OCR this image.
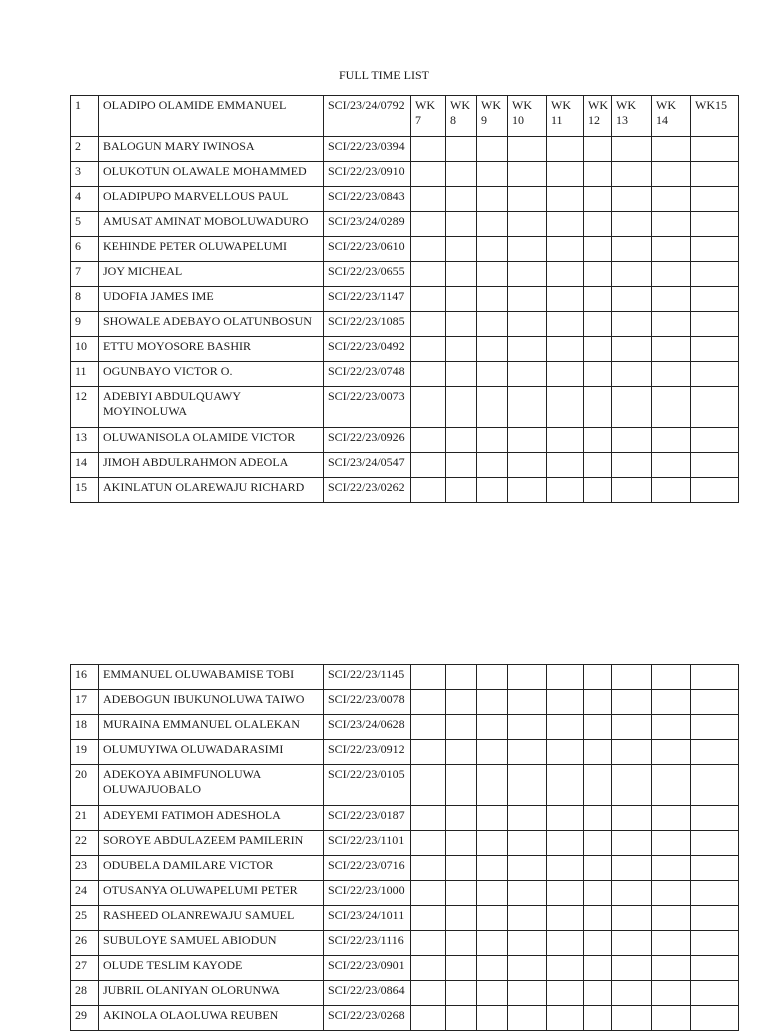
FULL TIME LIST
1	OLADIPO OLAMIDE EMMANUEL	SCI/23/24/0792	WK 7	WK 8	WK 9	WK 10	WK 11	WK 12	WK 13	WK 14	WK15
2	BALOGUN MARY IWINOSA	SCI/22/23/0394									
3	OLUKOTUN OLAWALE MOHAMMED	SCI/22/23/0910									
4	OLADIPUPO MARVELLOUS PAUL	SCI/22/23/0843									
5	AMUSAT AMINAT MOBOLUWADURO	SCI/23/24/0289									
6	KEHINDE PETER OLUWAPELUMI	SCI/22/23/0610									
7	JOY MICHEAL	SCI/22/23/0655									
8	UDOFIA JAMES IME	SCI/22/23/1147									
9	SHOWALE ADEBAYO OLATUNBOSUN	SCI/22/23/1085									
10	ETTU MOYOSORE BASHIR	SCI/22/23/0492									
11	OGUNBAYO VICTOR O.	SCI/22/23/0748									
12	ADEBIYI ABDULQUAWY MOYINOLUWA	SCI/22/23/0073									
13	OLUWANISOLA OLAMIDE VICTOR	SCI/22/23/0926									
14	JIMOH ABDULRAHMON ADEOLA	SCI/23/24/0547									
15	AKINLATUN OLAREWAJU RICHARD	SCI/22/23/0262									
16	EMMANUEL OLUWABAMISE TOBI	SCI/22/23/1145									
17	ADEBOGUN IBUKUNOLUWA TAIWO	SCI/22/23/0078									
18	MURAINA EMMANUEL OLALEKAN	SCI/23/24/0628									
19	OLUMUYIWA OLUWADARASIMI	SCI/22/23/0912									
20	ADEKOYA ABIMFUNOLUWA OLUWAJUOBALO	SCI/22/23/0105									
21	ADEYEMI FATIMOH ADESHOLA	SCI/22/23/0187									
22	SOROYE ABDULAZEEM PAMILERIN	SCI/22/23/1101									
23	ODUBELA DAMILARE VICTOR	SCI/22/23/0716									
24	OTUSANYA OLUWAPELUMI PETER	SCI/22/23/1000									
25	RASHEED OLANREWAJU SAMUEL	SCI/23/24/1011									
26	SUBULOYE SAMUEL ABIODUN	SCI/22/23/1116									
27	OLUDE TESLIM KAYODE	SCI/22/23/0901									
28	JUBRIL OLANIYAN OLORUNWA	SCI/22/23/0864									
29	AKINOLA OLAOLUWA REUBEN	SCI/22/23/0268									
